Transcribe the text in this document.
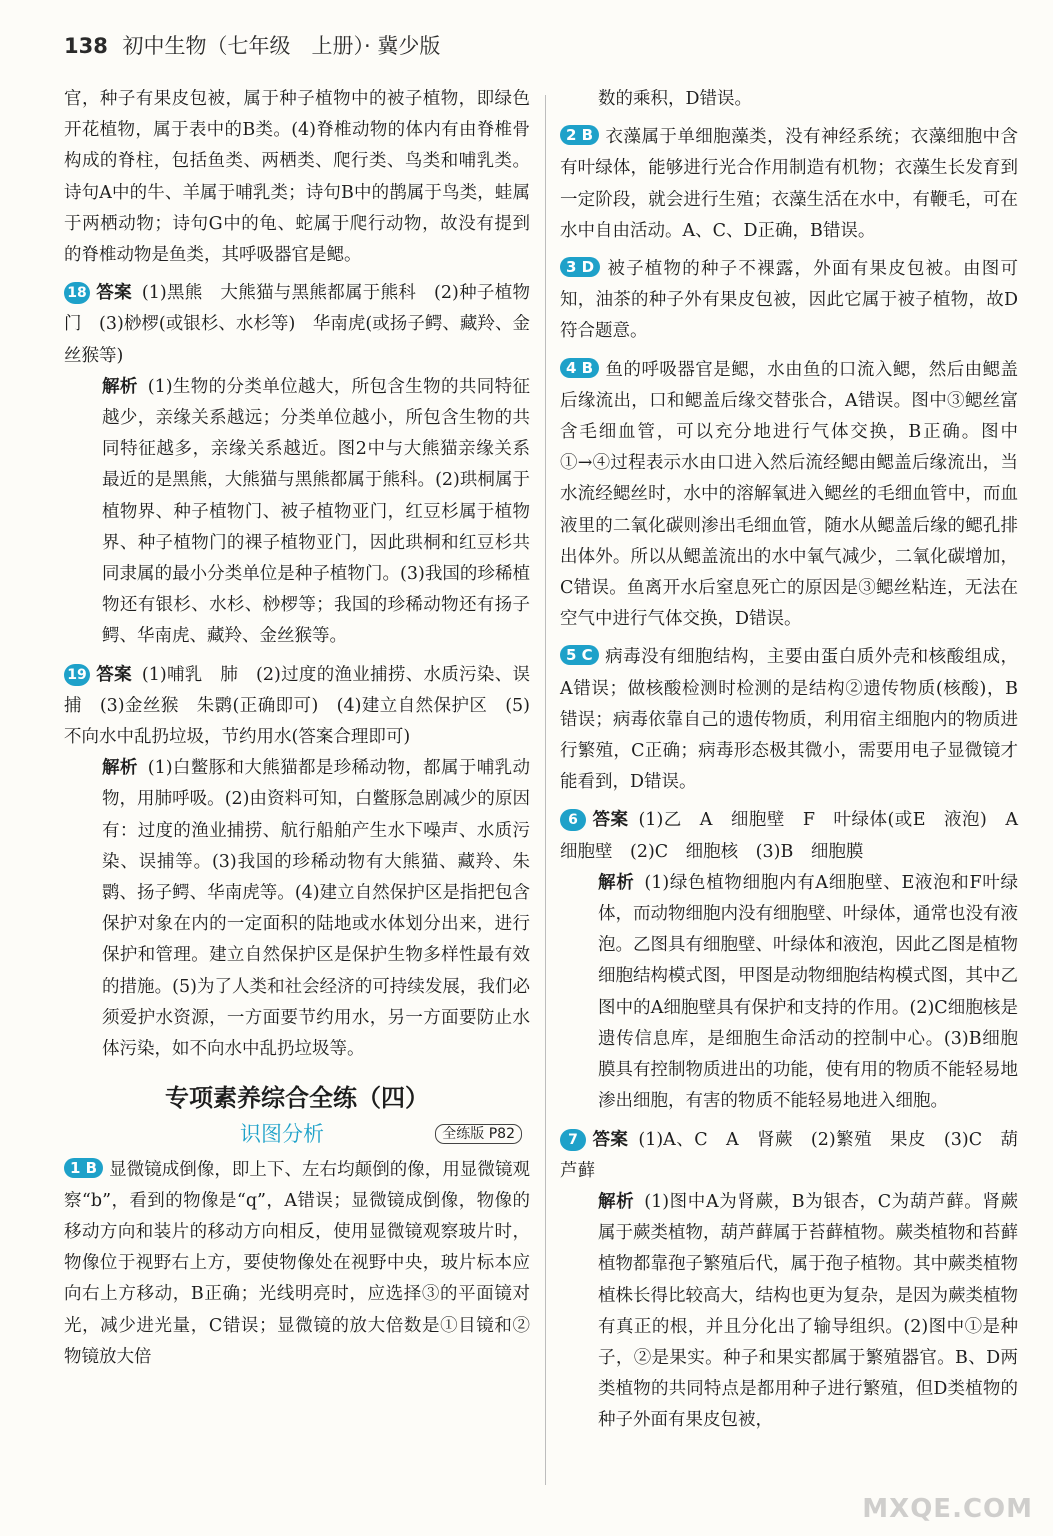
138 初中生物（七年级　上册）· 冀少版
官，种子有果皮包被，属于种子植物中的被子植物，即绿色开花植物，属于表中的B类。(4)脊椎动物的体内有由脊椎骨构成的脊柱，包括鱼类、两栖类、爬行类、鸟类和哺乳类。诗句A中的牛、羊属于哺乳类；诗句B中的鹊属于鸟类，蛙属于两栖动物；诗句G中的龟、蛇属于爬行动物，故没有提到的脊椎动物是鱼类，其呼吸器官是鳃。
18 答案 (1)黑熊　大熊猫与黑熊都属于熊科　(2)种子植物门　(3)桫椤(或银杉、水杉等)　华南虎(或扬子鳄、藏羚、金丝猴等)
解析 (1)生物的分类单位越大，所包含生物的共同特征越少，亲缘关系越远；分类单位越小，所包含生物的共同特征越多，亲缘关系越近。图2中与大熊猫亲缘关系最近的是黑熊，大熊猫与黑熊都属于熊科。(2)珙桐属于植物界、种子植物门、被子植物亚门，红豆杉属于植物界、种子植物门的裸子植物亚门，因此珙桐和红豆杉共同隶属的最小分类单位是种子植物门。(3)我国的珍稀植物还有银杉、水杉、桫椤等；我国的珍稀动物还有扬子鳄、华南虎、藏羚、金丝猴等。
19 答案 (1)哺乳　肺　(2)过度的渔业捕捞、水质污染、误捕　(3)金丝猴　朱鹮(正确即可)　(4)建立自然保护区　(5)不向水中乱扔垃圾，节约用水(答案合理即可)
解析 (1)白鳖豚和大熊猫都是珍稀动物，都属于哺乳动物，用肺呼吸。(2)由资料可知，白鳖豚急剧减少的原因有：过度的渔业捕捞、航行船舶产生水下噪声、水质污染、误捕等。(3)我国的珍稀动物有大熊猫、藏羚、朱鹮、扬子鳄、华南虎等。(4)建立自然保护区是指把包含保护对象在内的一定面积的陆地或水体划分出来，进行保护和管理。建立自然保护区是保护生物多样性最有效的措施。(5)为了人类和社会经济的可持续发展，我们必须爱护水资源，一方面要节约用水，另一方面要防止水体污染，如不向水中乱扔垃圾等。
专项素养综合全练（四）
识图分析	全练版 P82
1 B 显微镜成倒像，即上下、左右均颠倒的像，用显微镜观察“b”，看到的物像是“q”，A错误；显微镜成倒像，物像的移动方向和装片的移动方向相反，使用显微镜观察玻片时，物像位于视野右上方，要使物像处在视野中央，玻片标本应向右上方移动，B正确；光线明亮时，应选择③的平面镜对光，减少进光量，C错误；显微镜的放大倍数是①目镜和②物镜放大倍
数的乘积，D错误。
2 B 衣藻属于单细胞藻类，没有神经系统；衣藻细胞中含有叶绿体，能够进行光合作用制造有机物；衣藻生长发育到一定阶段，就会进行生殖；衣藻生活在水中，有鞭毛，可在水中自由活动。A、C、D正确，B错误。
3 D 被子植物的种子不裸露，外面有果皮包被。由图可知，油茶的种子外有果皮包被，因此它属于被子植物，故D符合题意。
4 B 鱼的呼吸器官是鳃，水由鱼的口流入鳃，然后由鳃盖后缘流出，口和鳃盖后缘交替张合，A错误。图中③鳃丝富含毛细血管，可以充分地进行气体交换，B正确。图中①→④过程表示水由口进入然后流经鳃由鳃盖后缘流出，当水流经鳃丝时，水中的溶解氧进入鳃丝的毛细血管中，而血液里的二氧化碳则渗出毛细血管，随水从鳃盖后缘的鳃孔排出体外。所以从鳃盖流出的水中氧气减少，二氧化碳增加，C错误。鱼离开水后窒息死亡的原因是③鳃丝粘连，无法在空气中进行气体交换，D错误。
5 C 病毒没有细胞结构，主要由蛋白质外壳和核酸组成，A错误；做核酸检测时检测的是结构②遗传物质(核酸)，B错误；病毒依靠自己的遗传物质，利用宿主细胞内的物质进行繁殖，C正确；病毒形态极其微小，需要用电子显微镜才能看到，D错误。
6 答案 (1)乙　A　细胞壁　F　叶绿体(或E　液泡)　A　细胞壁　(2)C　细胞核　(3)B　细胞膜
解析 (1)绿色植物细胞内有A细胞壁、E液泡和F叶绿体，而动物细胞内没有细胞壁、叶绿体，通常也没有液泡。乙图具有细胞壁、叶绿体和液泡，因此乙图是植物细胞结构模式图，甲图是动物细胞结构模式图，其中乙图中的A细胞壁具有保护和支持的作用。(2)C细胞核是遗传信息库，是细胞生命活动的控制中心。(3)B细胞膜具有控制物质进出的功能，使有用的物质不能轻易地渗出细胞，有害的物质不能轻易地进入细胞。
7 答案 (1)A、C　A　肾蕨　(2)繁殖　果皮　(3)C　葫芦藓
解析 (1)图中A为肾蕨，B为银杏，C为葫芦藓。肾蕨属于蕨类植物，葫芦藓属于苔藓植物。蕨类植物和苔藓植物都靠孢子繁殖后代，属于孢子植物。其中蕨类植物植株长得比较高大，结构也更为复杂，是因为蕨类植物有真正的根，并且分化出了输导组织。(2)图中①是种子，②是果实。种子和果实都属于繁殖器官。B、D两类植物的共同特点是都用种子进行繁殖，但D类植物的种子外面有果皮包被，
MXQE.COM
